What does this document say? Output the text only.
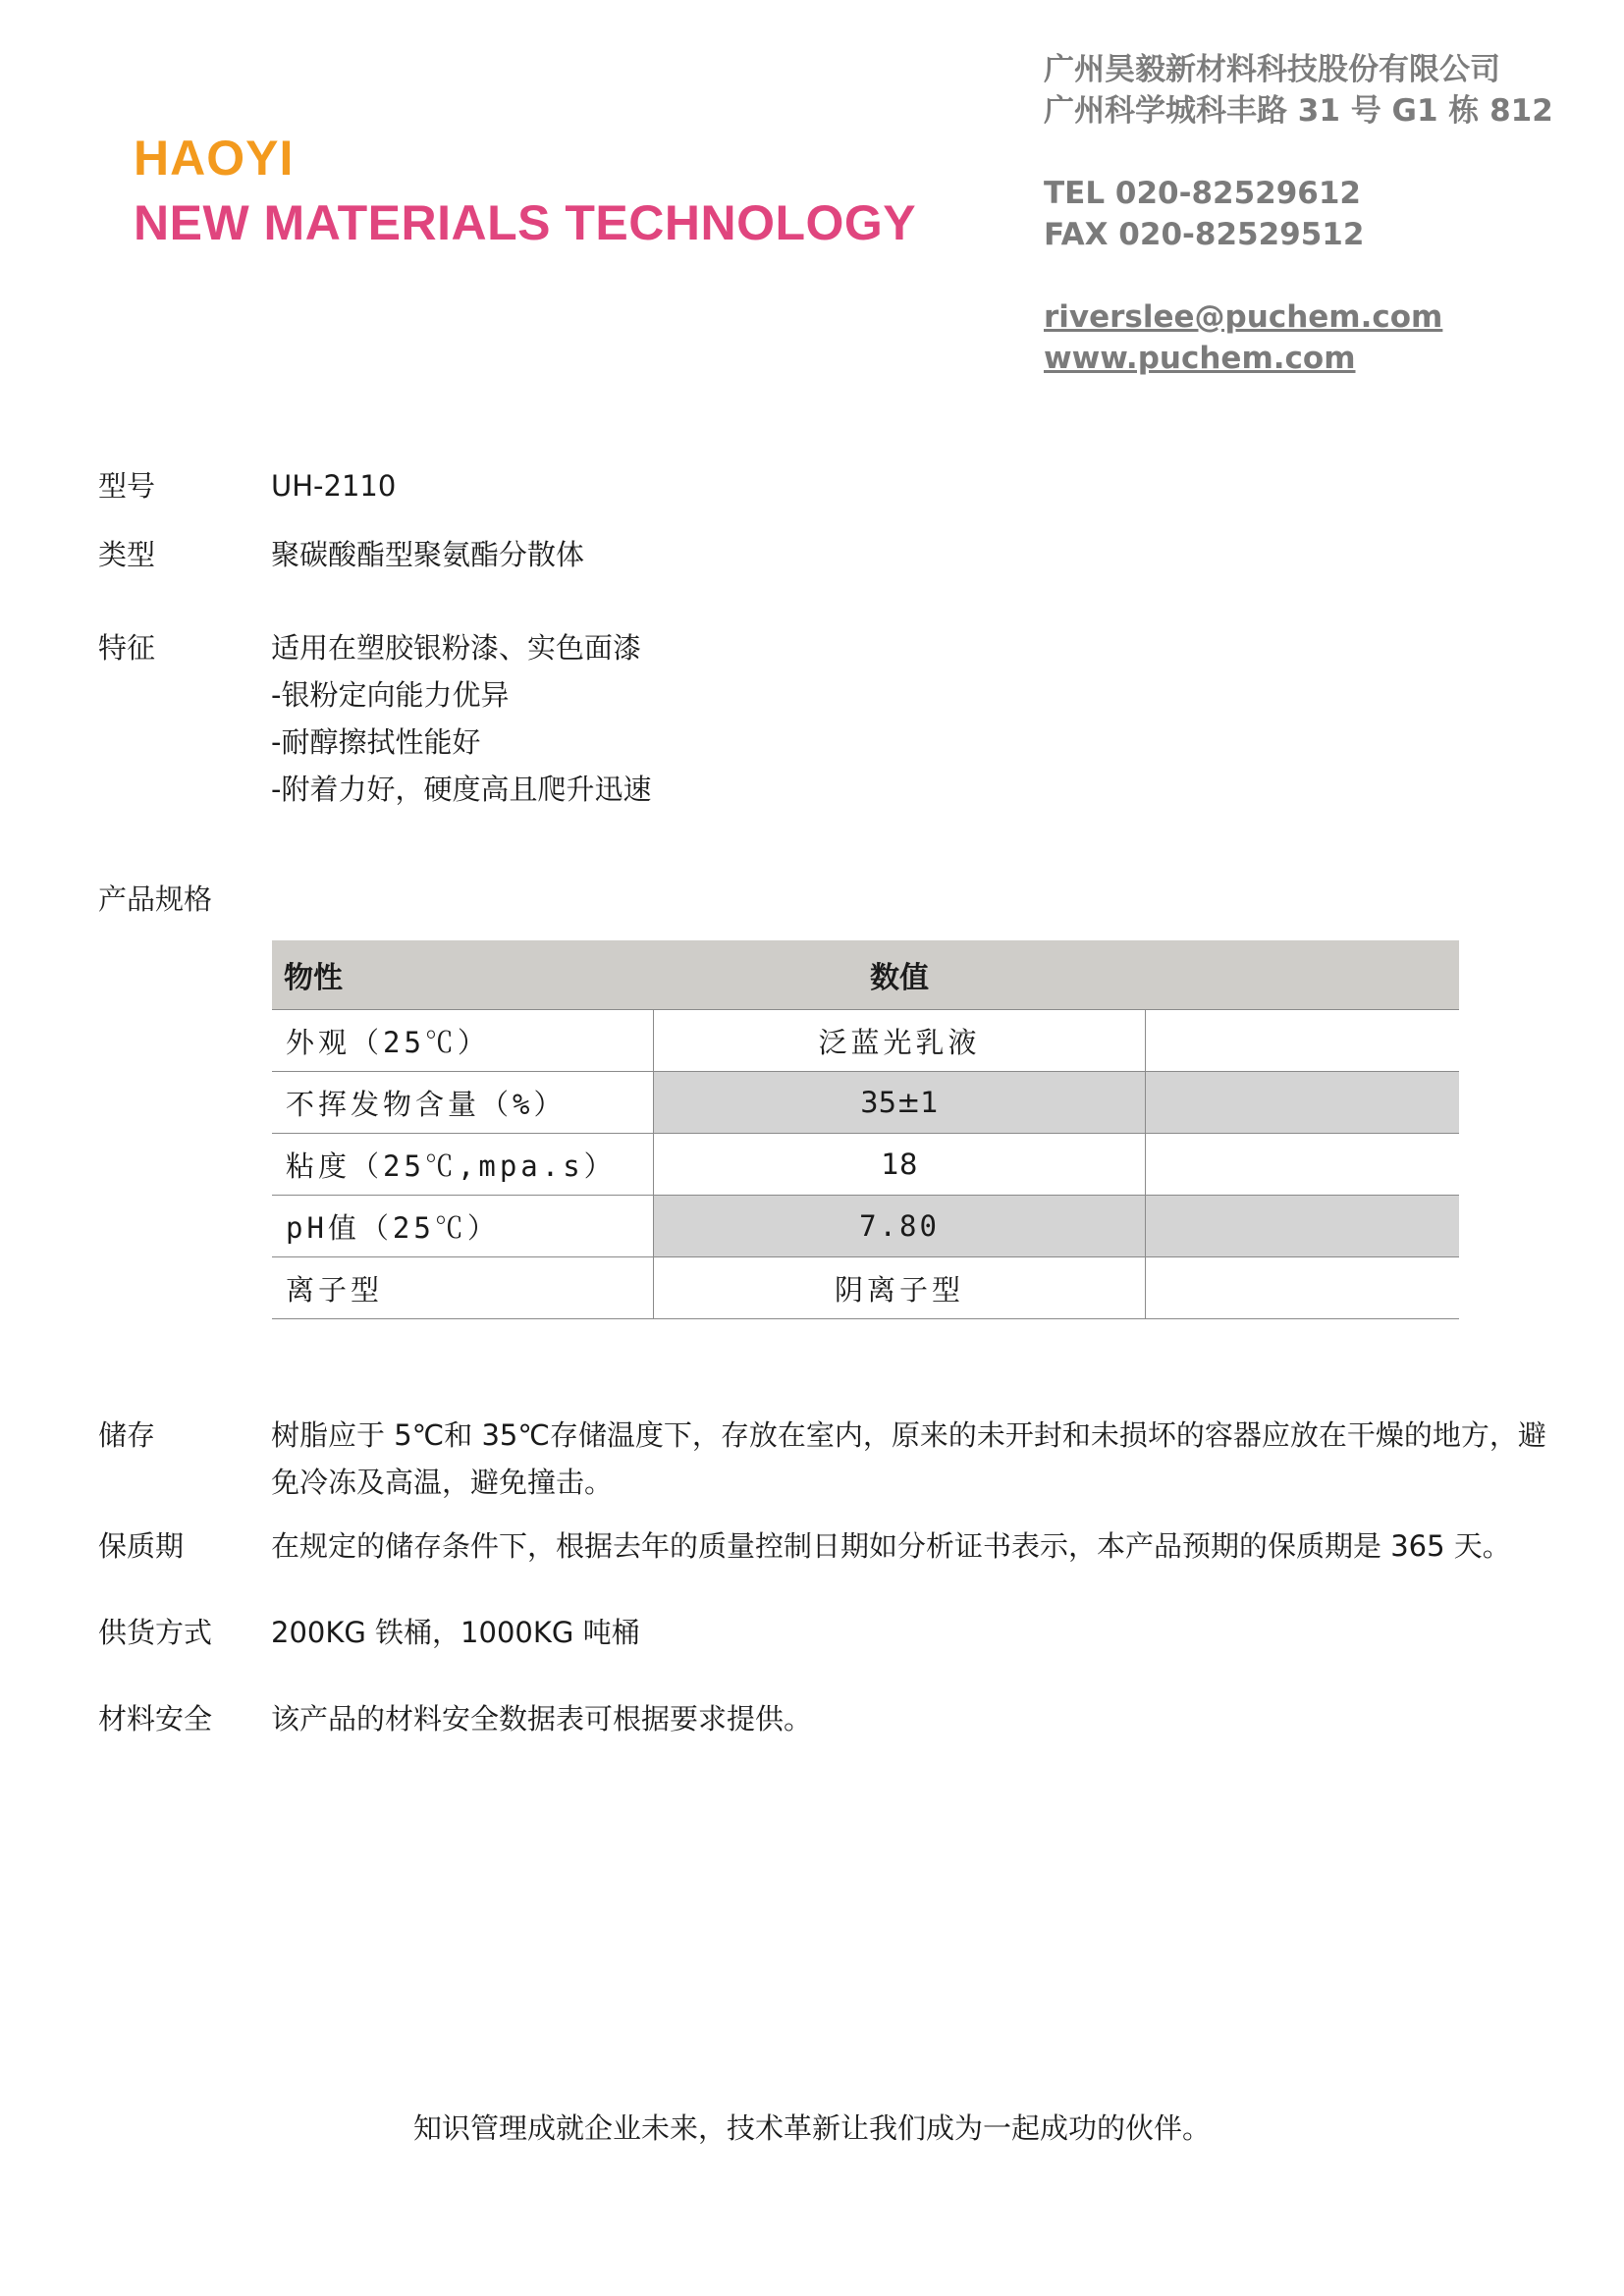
HAOYI
NEW MATERIALS TECHNOLOGY
广州昊毅新材料科技股份有限公司
广州科学城科丰路 31 号 G1 栋 812
TEL 020-82529612
FAX 020-82529512
riverslee@puchem.com
www.puchem.com
型号	UH-2110
类型	聚碳酸酯型聚氨酯分散体
特征	适用在塑胶银粉漆、实色面漆
-银粉定向能力优异
-耐醇擦拭性能好
-附着力好，硬度高且爬升迅速
产品规格
物性	数值	
外观（25℃）	泛蓝光乳液	
不挥发物含量（%）	35±1	
粘度（25℃,mpa.s）	18	
pH值（25℃）	7.80	
离子型	阴离子型	
储存	树脂应于 5℃和 35℃存储温度下，存放在室内，原来的未开封和未损坏的容器应放在干燥的地方，避
免冷冻及高温，避免撞击。
保质期	在规定的储存条件下，根据去年的质量控制日期如分析证书表示，本产品预期的保质期是 365 天。
供货方式	200KG 铁桶，1000KG 吨桶
材料安全	该产品的材料安全数据表可根据要求提供。
知识管理成就企业未来，技术革新让我们成为一起成功的伙伴。
